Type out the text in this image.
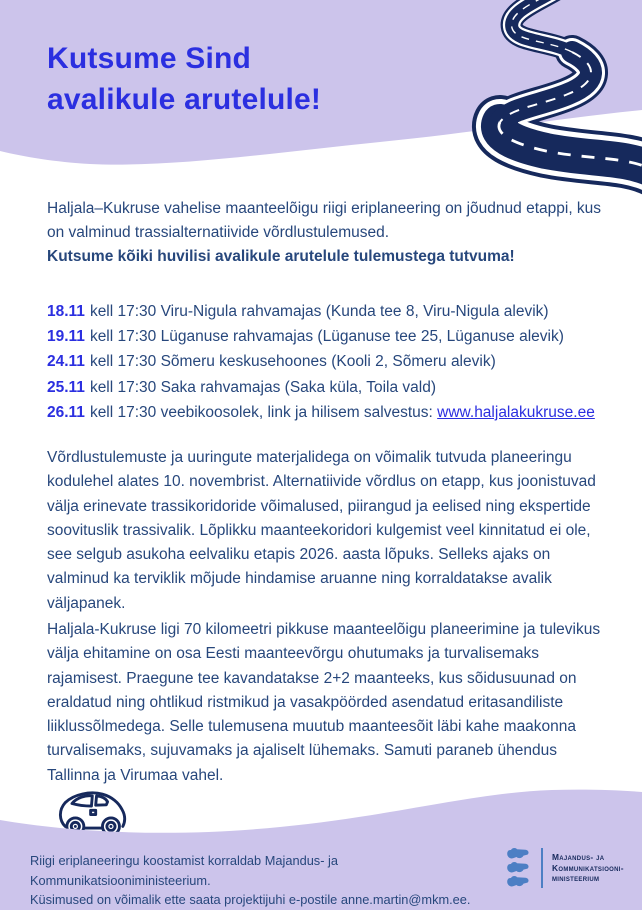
Kutsume Sind
avalikule arutelule!

Haljala–Kukruse vahelise maanteelõigu riigi eriplaneering on jõudnud etappi, kus on valminud trassialternatiivide võrdlustulemused.

Kutsume kõiki huvilisi avalikule arutelule tulemustega tutvuma!

18.11 kell 17:30 Viru-Nigula rahvamajas (Kunda tee 8, Viru-Nigula alevik)
19.11 kell 17:30 Lüganuse rahvamajas (Lüganuse tee 25, Lüganuse alevik)
24.11 kell 17:30 Sõmeru keskusehoones (Kooli 2, Sõmeru alevik)
25.11 kell 17:30 Saka rahvamajas (Saka küla, Toila vald)
26.11 kell 17:30 veebikoosolek, link ja hilisem salvestus: www.haljalakukruse.ee

Võrdlustulemuste ja uuringute materjalidega on võimalik tutvuda planeeringu kodulehel alates 10. novembrist. Alternatiivide võrdlus on etapp, kus joonistuvad välja erinevate trassikoridoride võimalused, piirangud ja eelised ning ekspertide soovituslik trassivalik. Lõplikku maanteekoridori kulgemist veel kinnitatud ei ole, see selgub asukoha eelvaliku etapis 2026. aasta lõpuks. Selleks ajaks on valminud ka terviklik mõjude hindamise aruanne ning korraldatakse avalik väljapanek.

Haljala-Kukruse ligi 70 kilomeetri pikkuse maanteelõigu planeerimine ja tulevikus välja ehitamine on osa Eesti maanteevõrgu ohutumaks ja turvalisemaks rajamisest. Praegune tee kavandatakse 2+2 maanteeks, kus sõidusuunad on eraldatud ning ohtlikud ristmikud ja vasakpöörded asendatud eritasandiliste liiklussõlmedega. Selle tulemusena muutub maanteesõit läbi kahe maakonna turvalisemaks, sujuvamaks ja ajaliselt lühemaks. Samuti paraneb ühendus Tallinna ja Virumaa vahel.

Riigi eriplaneeringu koostamist korraldab Majandus- ja Kommunikatsiooniministeerium.
Küsimused on võimalik ette saata projektijuhi e-postile anne.martin@mkm.ee.
Majandus- ja
Kommunikatsiooni-
ministeerium
